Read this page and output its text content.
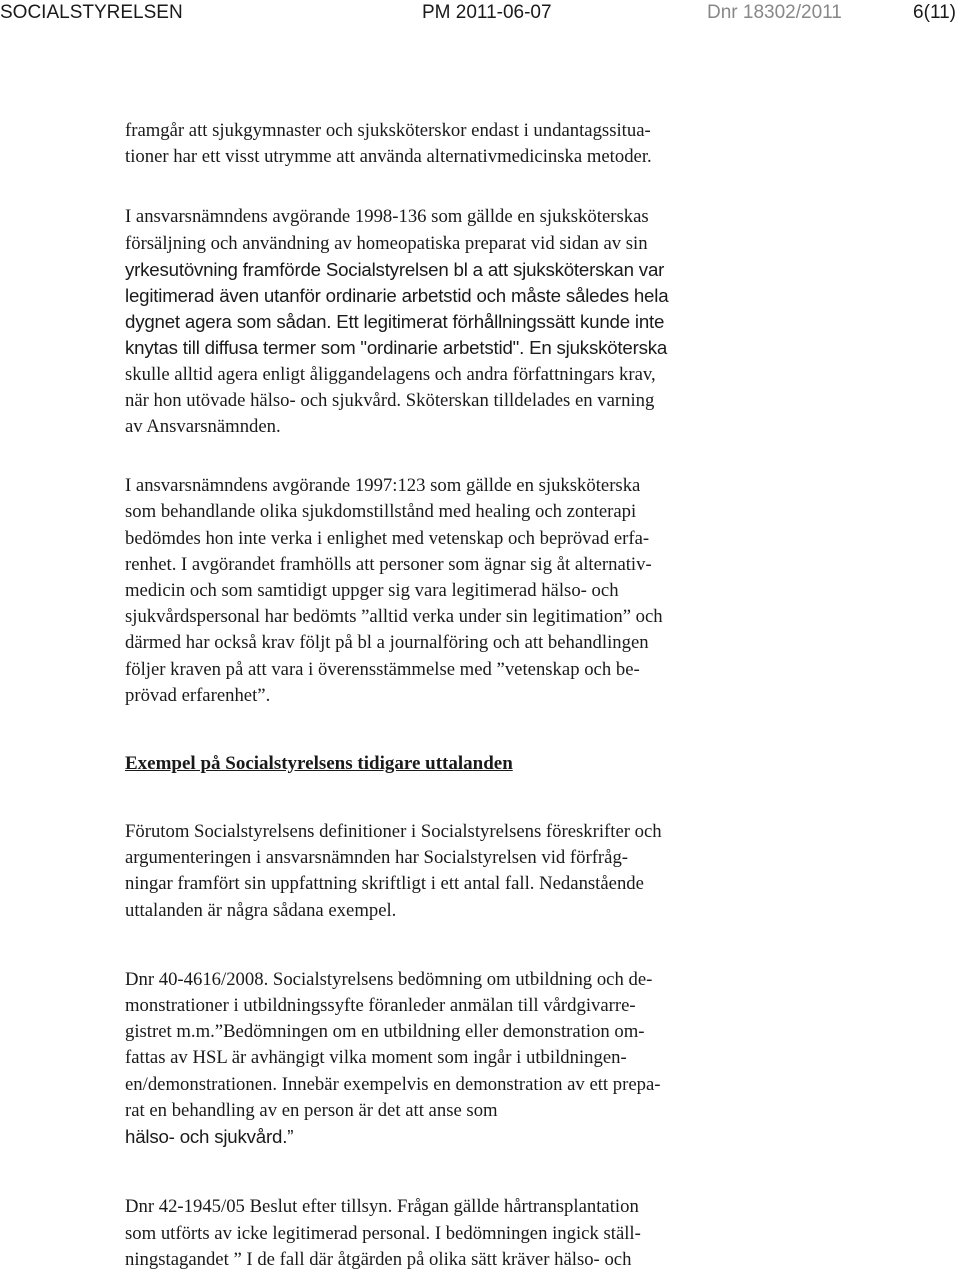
SOCIALSTYRELSEN	PM 2011-06-07	Dnr 18302/2011	6(11)

framgår att sjukgymnaster och sjuksköterskor endast i undantagssitua-
tioner har ett visst utrymme att använda alternativmedicinska metoder.

I ansvarsnämndens avgörande 1998-136 som gällde en sjuksköterskas
försäljning och användning av homeopatiska preparat vid sidan av sin
yrkesutövning framförde Socialstyrelsen bl a att sjuksköterskan var
legitimerad även utanför ordinarie arbetstid och måste således hela
dygnet agera som sådan. Ett legitimerat förhållningssätt kunde inte
knytas till diffusa termer som "ordinarie arbetstid". En sjuksköterska
skulle alltid agera enligt åliggandelagens och andra författningars krav,
när hon utövade hälso- och sjukvård. Sköterskan tilldelades en varning
av Ansvarsnämnden.

I ansvarsnämndens avgörande 1997:123 som gällde en sjuksköterska
som behandlande olika sjukdomstillstånd med healing och zonterapi
bedömdes hon inte verka i enlighet med vetenskap och beprövad erfa-
renhet. I avgörandet framhölls att personer som ägnar sig åt alternativ-
medicin och som samtidigt uppger sig vara legitimerad hälso- och
sjukvårdspersonal har bedömts ”alltid verka under sin legitimation” och
därmed har också krav följt på bl a journalföring och att behandlingen
följer kraven på att vara i överensstämmelse med ”vetenskap och be-
prövad erfarenhet”.

Exempel på Socialstyrelsens tidigare uttalanden

Förutom Socialstyrelsens definitioner i Socialstyrelsens föreskrifter och
argumenteringen i ansvarsnämnden har Socialstyrelsen vid förfråg-
ningar framfört sin uppfattning skriftligt i ett antal fall. Nedanstående
uttalanden är några sådana exempel.

Dnr 40-4616/2008. Socialstyrelsens bedömning om utbildning och de-
monstrationer i utbildningssyfte föranleder anmälan till vårdgivarre-
gistret m.m.”Bedömningen om en utbildning eller demonstration om-
fattas av HSL är avhängigt vilka moment som ingår i utbildningen-
en/demonstrationen. Innebär exempelvis en demonstration av ett prepa-
rat en behandling av en person är det att anse som
hälso- och sjukvård.”

Dnr 42-1945/05 Beslut efter tillsyn. Frågan gällde hårtransplantation
som utförts av icke legitimerad personal. I bedömningen ingick ställ-
ningstagandet ” I de fall där åtgärden på olika sätt kräver hälso- och
